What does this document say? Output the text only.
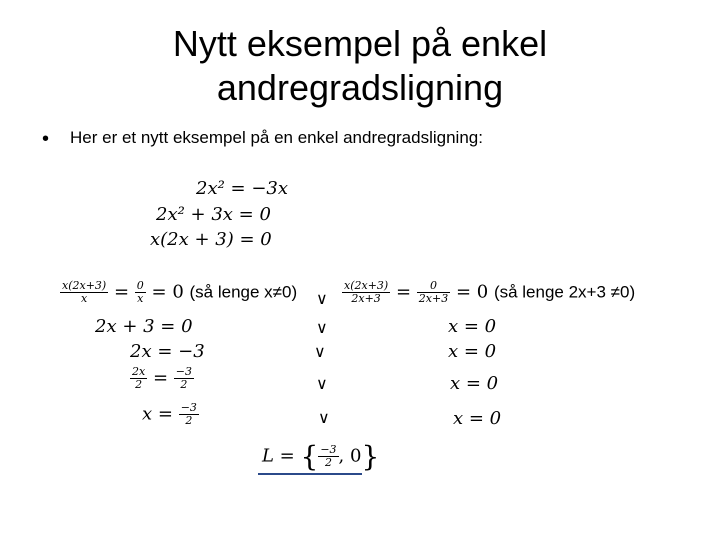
Nytt eksempel på enkel
andregradsligning
• Her er et nytt eksempel på en enkel andregradsligning:
2x² = −3x
2x² + 3x = 0
x(2x + 3) = 0
$\frac{x(2x+3)}{x} = \frac{0}{x} = 0$ (så lenge x≠0)
2x + 3 = 0
2x = −3
$\frac{2x}{2} = \frac{-3}{2}$
$x = \frac{-3}{2}$
∨
∨
∨
∨
∨
$\frac{x(2x+3)}{2x+3} = \frac{0}{2x+3} = 0$ (så lenge 2x+3 ≠0)
x = 0
x = 0
x = 0
x = 0
L = { $\frac{-3}{2}$ , 0}
